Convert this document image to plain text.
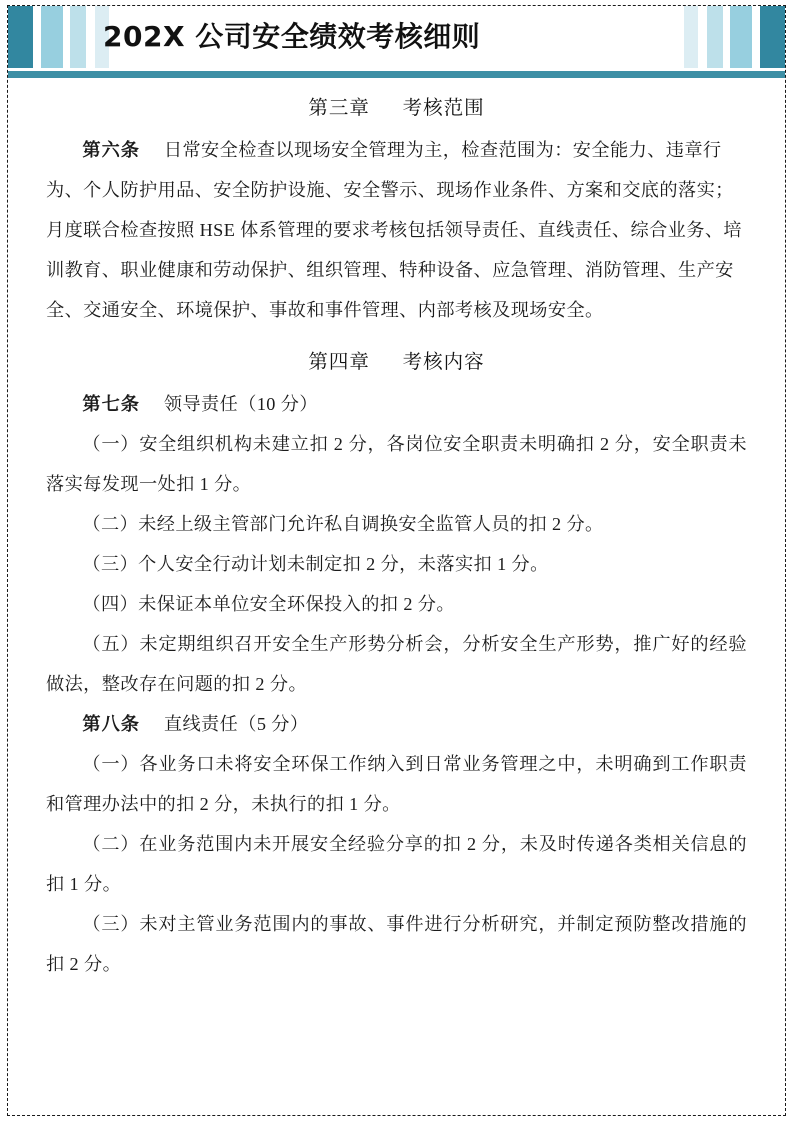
202X 公司安全绩效考核细则
第三章 考核范围

第六条 日常安全检查以现场安全管理为主，检查范围为：安全能力、违章行为、个人防护用品、安全防护设施、安全警示、现场作业条件、方案和交底的落实；月度联合检查按照 HSE 体系管理的要求考核包括领导责任、直线责任、综合业务、培训教育、职业健康和劳动保护、组织管理、特种设备、应急管理、消防管理、生产安全、交通安全、环境保护、事故和事件管理、内部考核及现场安全。

第四章 考核内容

第七条 领导责任（10 分）

（一）安全组织机构未建立扣 2 分，各岗位安全职责未明确扣 2 分，安全职责未落实每发现一处扣 1 分。

（二）未经上级主管部门允许私自调换安全监管人员的扣 2 分。

（三）个人安全行动计划未制定扣 2 分，未落实扣 1 分。

（四）未保证本单位安全环保投入的扣 2 分。

（五）未定期组织召开安全生产形势分析会，分析安全生产形势，推广好的经验做法，整改存在问题的扣 2 分。

第八条 直线责任（5 分）

（一）各业务口未将安全环保工作纳入到日常业务管理之中，未明确到工作职责和管理办法中的扣 2 分，未执行的扣 1 分。

（二）在业务范围内未开展安全经验分享的扣 2 分，未及时传递各类相关信息的扣 1 分。

（三）未对主管业务范围内的事故、事件进行分析研究，并制定预防整改措施的扣 2 分。
